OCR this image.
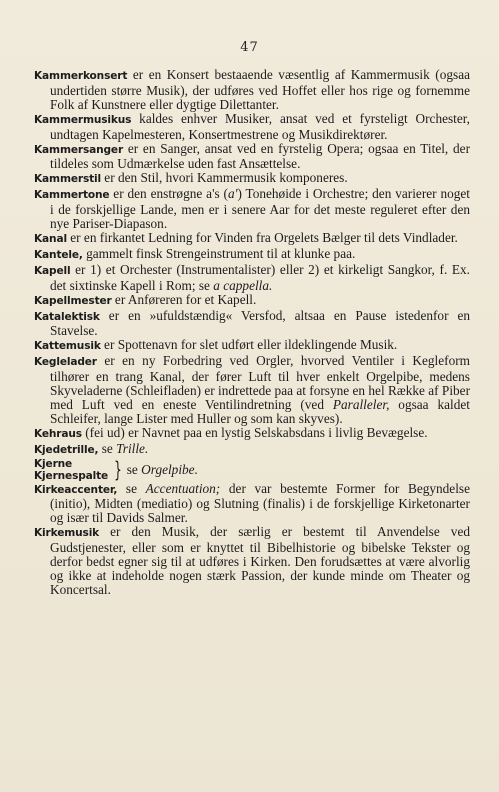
47

Kammerkonsert er en Konsert bestaaende væsentlig af Kammermusik (ogsaa undertiden større Musik), der udføres ved Hoffet eller hos rige og fornemme Folk af Kunstnere eller dygtige Dilettanter.

Kammermusikus kaldes enhver Musiker, ansat ved et fyrsteligt Orchester, undtagen Kapelmesteren, Konsertmestrene og Musikdirektører.

Kammersanger er en Sanger, ansat ved en fyrstelig Opera; ogsaa en Titel, der tildeles som Udmærkelse uden fast Ansættelse.

Kammerstil er den Stil, hvori Kammermusik komponeres.

Kammertone er den enstrøgne a's (a') Tonehøide i Orchestre; den varierer noget i de forskjellige Lande, men er i senere Aar for det meste reguleret efter den nye Pariser-Diapason.

Kanal er en firkantet Ledning for Vinden fra Orgelets Bælger til dets Vindlader.

Kantele, gammelt finsk Strengeinstrument til at klunke paa.

Kapell er 1) et Orchester (Instrumentalister) eller 2) et kirkeligt Sangkor, f. Ex. det sixtinske Kapell i Rom; se a cappella.

Kapellmester er Anføreren for et Kapell.

Katalektisk er en »ufuldstændig« Versfod, altsaa en Pause istedenfor en Stavelse.

Kattemusik er Spottenavn for slet udført eller ildeklingende Musik.

Keglelader er en ny Forbedring ved Orgler, hvorved Ventiler i Kegleform tilhører en trang Kanal, der fører Luft til hver enkelt Orgelpibe, medens Skyveladerne (Schleifladen) er indrettede paa at forsyne en hel Række af Piber med Luft ved en eneste Ventilindretning (ved Paralleler, ogsaa kaldet Schleifer, lange Lister med Huller og som kan skyves).

Kehraus (fei ud) er Navnet paa en lystig Selskabsdans i livlig Bevægelse.

Kjedetrille, se Trille.

Kjerne
Kjernespalte } se Orgelpibe.

Kirkeaccenter, se Accentuation; der var bestemte Former for Begyndelse (initio), Midten (mediatio) og Slutning (finalis) i de forskjellige Kirketonarter og især til Davids Salmer.

Kirkemusik er den Musik, der særlig er bestemt til Anvendelse ved Gudstjenester, eller som er knyttet til Bibelhistorie og bibelske Tekster og derfor bedst egner sig til at udføres i Kirken. Den forudsættes at være alvorlig og ikke at indeholde nogen stærk Passion, der kunde minde om Theater og Koncertsal.
